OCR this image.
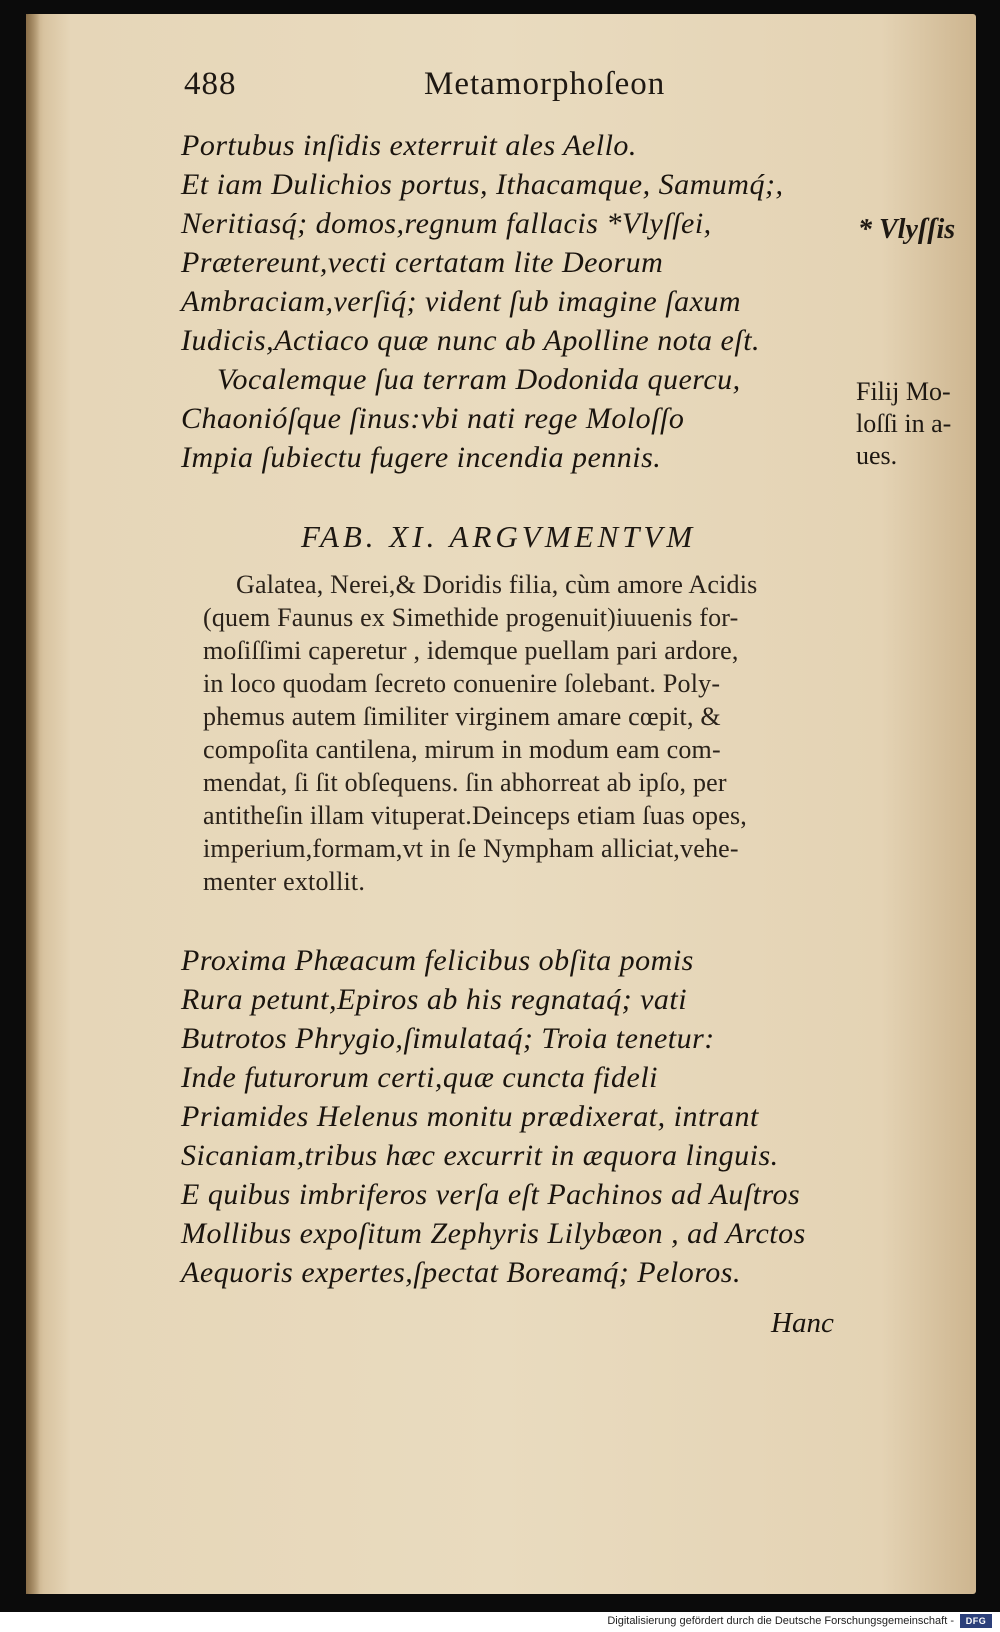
488	Metamorphoſeon
Portubus inſidis exterruit ales Aello.
Et iam Dulichios portus, Ithacamque, Samumq́;,
Neritiasq́; domos,regnum fallacis *Vlyſſei,
Prætereunt,vecti certatam lite Deorum
Ambraciam,verſiq́; vident ſub imagine ſaxum
Iudicis,Actiaco quæ nunc ab Apolline nota eſt.
Vocalemque ſua terram Dodonida quercu,
Chaonióſque ſinus:vbi nati rege Moloſſo
Impia ſubiectu fugere incendia pennis.
* Vlyſſis
Filij Mo-
loſſi in a-
ues.
FAB. XI. ARGVMENTVM
Galatea, Nerei,& Doridis filia, cùm amore Acidis
(quem Faunus ex Simethide progenuit)iuuenis for-
moſiſſimi caperetur , idemque puellam pari ardore,
in loco quodam ſecreto conuenire ſolebant. Poly-
phemus autem ſimiliter virginem amare cœpit, &
compoſita cantilena, mirum in modum eam com-
mendat, ſi ſit obſequens. ſin abhorreat ab ipſo, per
antitheſin illam vituperat.Deinceps etiam ſuas opes,
imperium,formam,vt in ſe Nympham alliciat,vehe-
menter extollit.
Proxima Phæacum felicibus obſita pomis
Rura petunt,Epiros ab his regnataq́; vati
Butrotos Phrygio,ſimulataq́; Troia tenetur:
Inde futurorum certi,quæ cuncta fideli
Priamides Helenus monitu prædixerat, intrant
Sicaniam,tribus hæc excurrit in æquora linguis.
E quibus imbriferos verſa eſt Pachinos ad Auſtros
Mollibus expoſitum Zephyris Lilybæon , ad Arctos
Aequoris expertes,ſpectat Boreamq́; Peloros.
Hanc
Digitalisierung gefördert durch die Deutsche Forschungsgemeinschaft -	DFG
